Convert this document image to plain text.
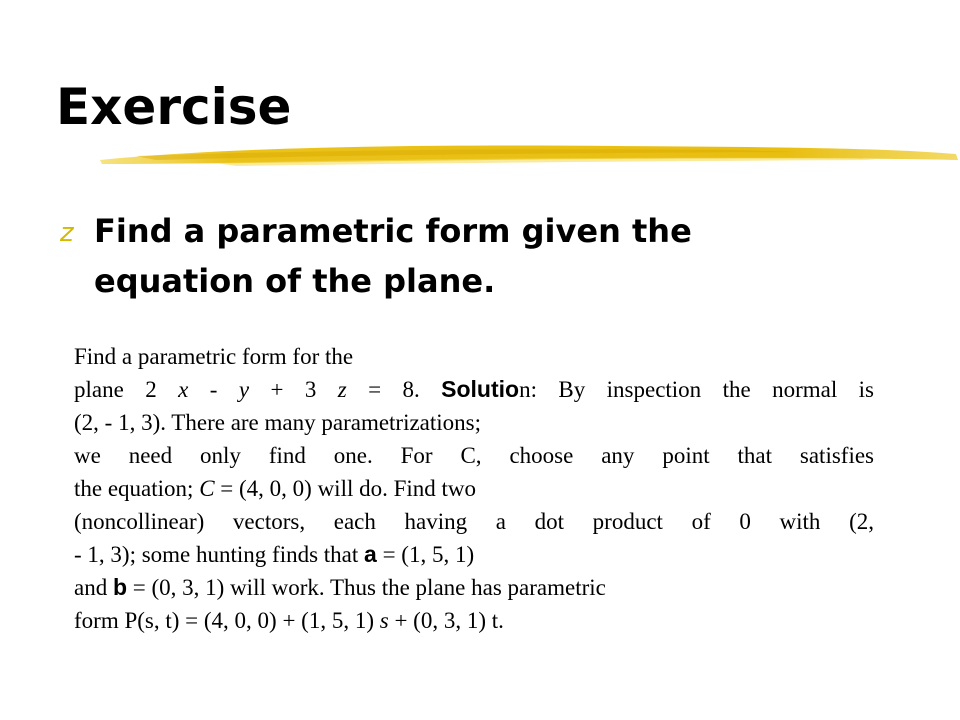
Exercise
z Find a parametric form given the
equation of the plane.

Find a parametric form for the
plane 2 x - y + 3 z = 8. Solution: By inspection the normal is
(2, - 1, 3). There are many parametrizations;
we need only find one. For C, choose any point that satisfies
the equation; C = (4, 0, 0) will do. Find two
(noncollinear) vectors, each having a dot product of 0 with (2,
- 1, 3); some hunting finds that a = (1, 5, 1)
and b = (0, 3, 1) will work. Thus the plane has parametric
form P(s, t) = (4, 0, 0) + (1, 5, 1) s + (0, 3, 1) t.
